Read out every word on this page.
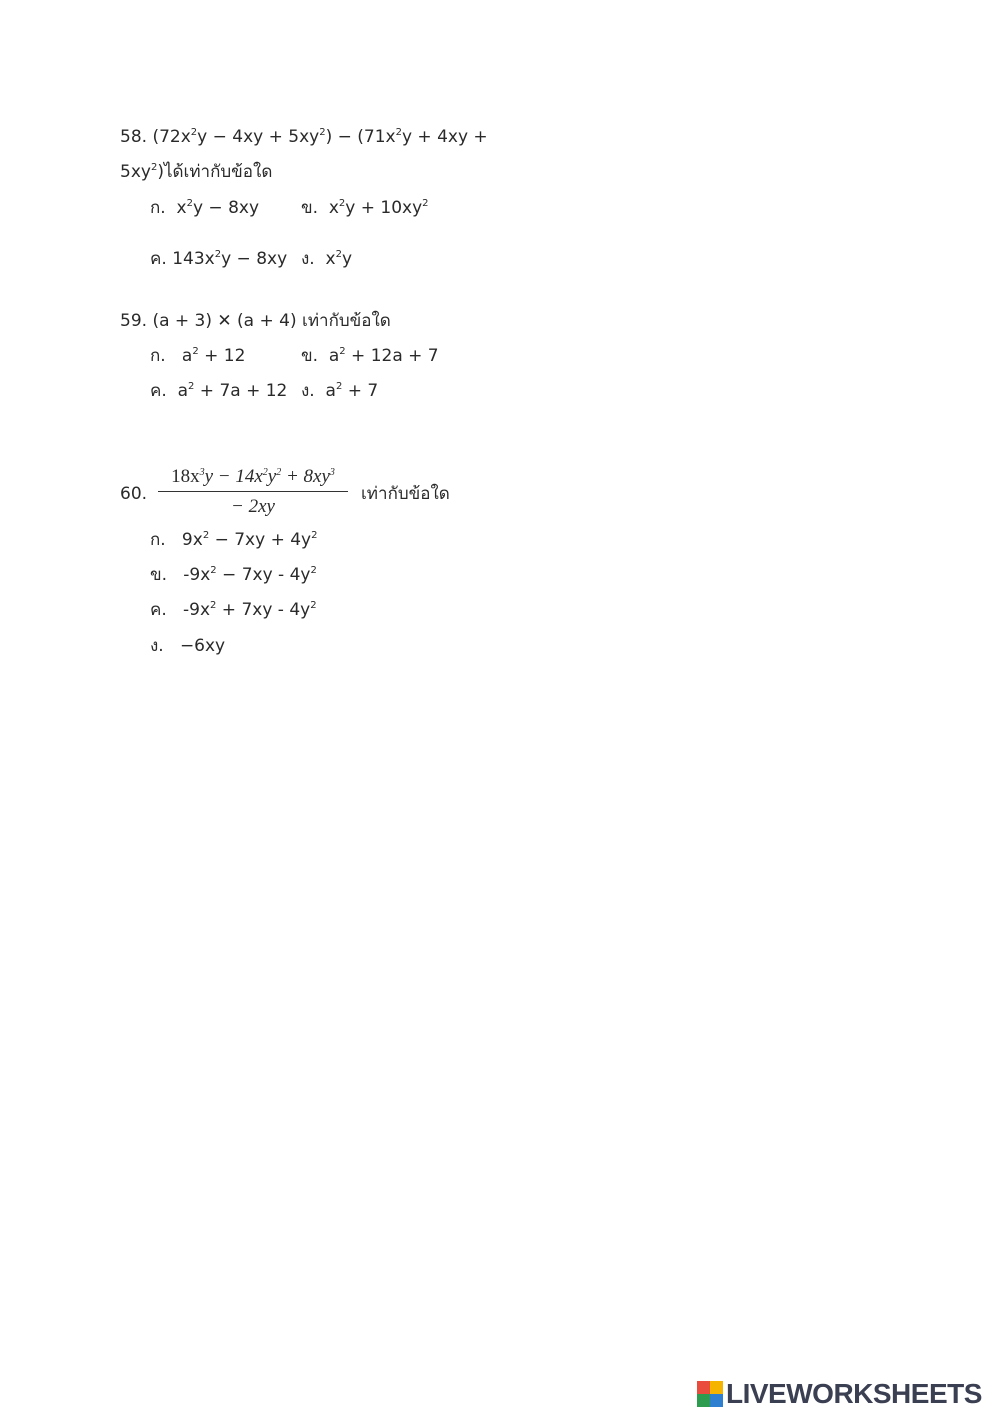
58. $(72x^2y - 4xy + 5xy^2) - (71x^2y + 4xy$ +
$5xy^2$)ได้เท่ากับข้อใด
ก. $x^2y - 8xy$ ข. $x^2y + 10xy^2$
ค. $143x^2y - 8xy$ ง. $x^2y$
59. (a + 3) ✕ (a + 4) เท่ากับข้อใด
ก. $a^2 + 12$	ข. $a^2 + 12a + 7$
ค. $a^2 + 7a + 12$ ง. $a^2 + 7$
60. $\frac{18x^3y - 14x^2y^2 + 8xy^3}{- 2xy}$ เท่ากับข้อใด
ก. $9x^2 - 7xy + 4y^2$
ข. $-9x^2 - 7xy - 4y^2$
ค. $-9x^2 + 7xy - 4y^2$
ง. −6xy
LIVEWORKSHEETS
